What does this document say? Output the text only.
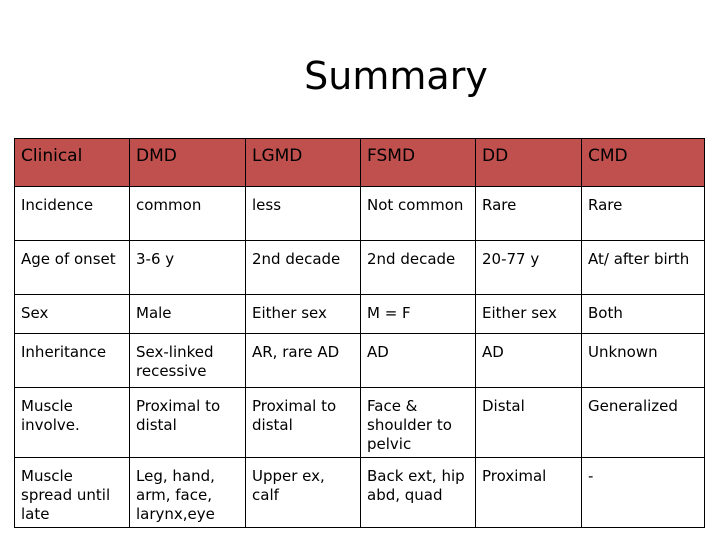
Summary
Clinical	DMD	LGMD	FSMD	DD	CMD
Incidence	common	less	Not common	Rare	Rare
Age of onset	3-6 y	2nd decade	2nd decade	20-77 y	At/ after birth
Sex	Male	Either sex	M = F	Either sex	Both
Inheritance	Sex-linked recessive	AR, rare AD	AD	AD	Unknown
Muscle involve.	Proximal to distal	Proximal to distal	Face & shoulder to pelvic	Distal	Generalized
Muscle spread until late	Leg, hand, arm, face, larynx,eye	Upper ex, calf	Back ext, hip abd, quad	Proximal	-
